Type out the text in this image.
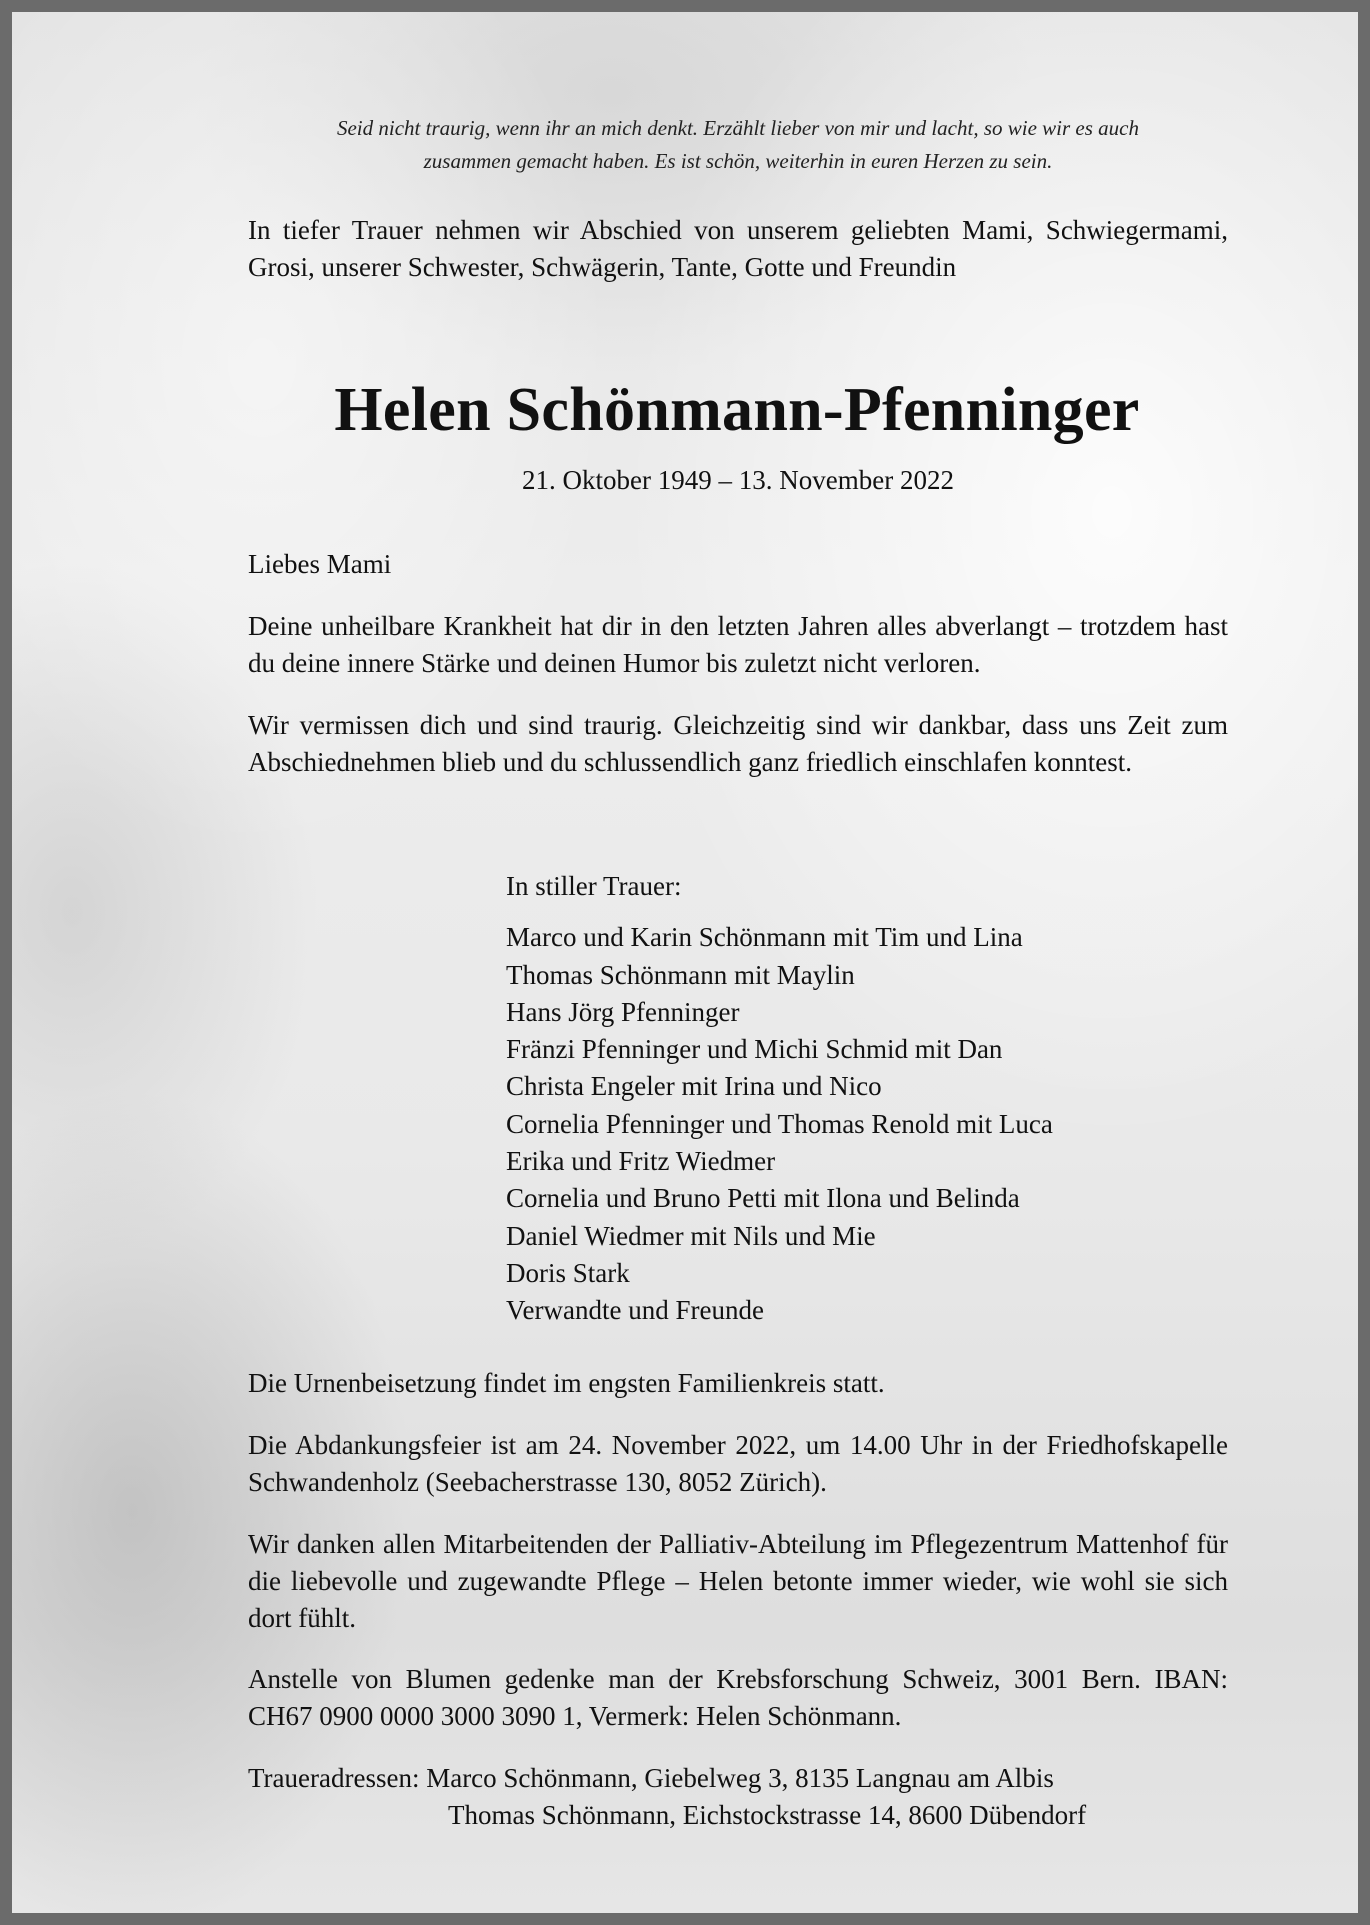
Seid nicht traurig, wenn ihr an mich denkt. Erzählt lieber von mir und lacht, so wie wir es auch
zusammen gemacht haben. Es ist schön, weiterhin in euren Herzen zu sein.

In tiefer Trauer nehmen wir Abschied von unserem geliebten Mami, Schwiegermami, Grosi, unserer Schwester, Schwägerin, Tante, Gotte und Freundin

Helen Schönmann-Pfenninger
21. Oktober 1949 – 13. November 2022

Liebes Mami

Deine unheilbare Krankheit hat dir in den letzten Jahren alles abverlangt – trotzdem hast du deine innere Stärke und deinen Humor bis zuletzt nicht verloren.

Wir vermissen dich und sind traurig. Gleichzeitig sind wir dankbar, dass uns Zeit zum Abschiednehmen blieb und du schlussendlich ganz friedlich einschlafen konntest.

In stiller Trauer:
Marco und Karin Schönmann mit Tim und Lina
Thomas Schönmann mit Maylin
Hans Jörg Pfenninger
Fränzi Pfenninger und Michi Schmid mit Dan
Christa Engeler mit Irina und Nico
Cornelia Pfenninger und Thomas Renold mit Luca
Erika und Fritz Wiedmer
Cornelia und Bruno Petti mit Ilona und Belinda
Daniel Wiedmer mit Nils und Mie
Doris Stark
Verwandte und Freunde

Die Urnenbeisetzung findet im engsten Familienkreis statt.

Die Abdankungsfeier ist am 24. November 2022, um 14.00 Uhr in der Friedhofskapelle Schwandenholz (Seebacherstrasse 130, 8052 Zürich).

Wir danken allen Mitarbeitenden der Palliativ-Abteilung im Pflegezentrum Mattenhof für die liebevolle und zugewandte Pflege – Helen betonte immer wieder, wie wohl sie sich dort fühlt.

Anstelle von Blumen gedenke man der Krebsforschung Schweiz, 3001 Bern. IBAN: CH67 0900 0000 3000 3090 1, Vermerk: Helen Schönmann.

Traueradressen: Marco Schönmann, Giebelweg 3, 8135 Langnau am Albis
Thomas Schönmann, Eichstockstrasse 14, 8600 Dübendorf
